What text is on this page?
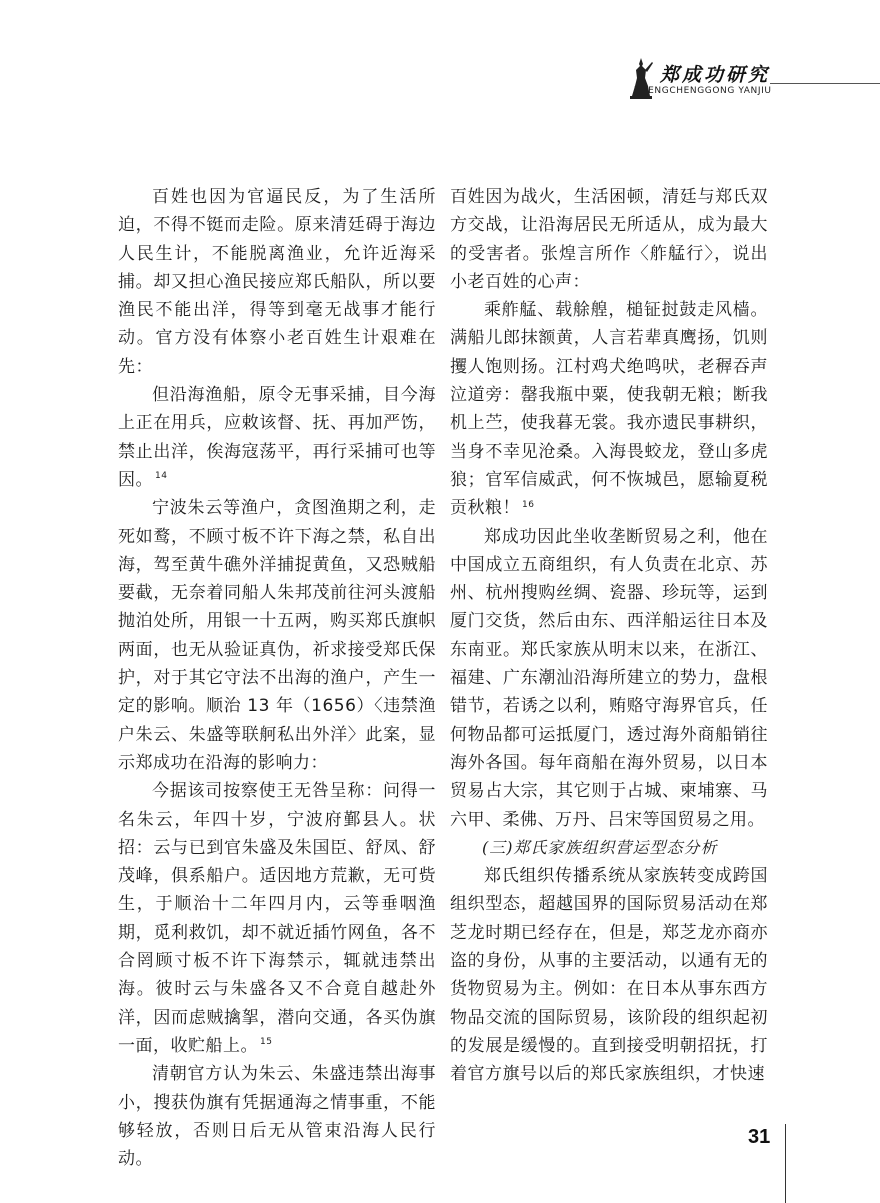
郑成功研究
ZHENGCHENGGONG YANJIU

百姓也因为官逼民反，为了生活所迫，不得不铤而走险。原来清廷碍于海边人民生计，不能脱离渔业，允许近海采捕。却又担心渔民接应郑氏船队，所以要渔民不能出洋，得等到毫无战事才能行动。官方没有体察小老百姓生计艰难在先：

但沿海渔船，原令无事采捕，目今海上正在用兵，应敕该督、抚、再加严饬，禁止出洋，俟海寇荡平，再行采捕可也等因。 $^{14}$

宁波朱云等渔户，贪图渔期之利，走死如鹜，不顾寸板不许下海之禁，私自出海，驾至黄牛礁外洋捕捉黄鱼，又恐贼船要截，无奈着同船人朱邦茂前往河头渡船抛泊处所，用银一十五两，购买郑氏旗帜两面，也无从验证真伪，祈求接受郑氏保护，对于其它守法不出海的渔户，产生一定的影响。顺治 13 年（1656）〈违禁渔户朱云、朱盛等联舸私出外洋〉此案，显示郑成功在沿海的影响力：

今据该司按察使王无咎呈称：问得一名朱云，年四十岁，宁波府鄞县人。状招：云与已到官朱盛及朱国臣、舒凤、舒茂峰，俱系船户。适因地方荒歉，无可赀生，于顺治十二年四月内，云等垂咽渔期，觅利救饥，却不就近插竹网鱼，各不合罔顾寸板不许下海禁示，辄就违禁出海。彼时云与朱盛各又不合竟自越赴外洋，因而虑贼擒挐，潜向交通，各买伪旗一面，收贮船上。 $^{15}$

清朝官方认为朱云、朱盛违禁出海事小，搜获伪旗有凭据通海之情事重，不能够轻放，否则日后无从管束沿海人民行动。

百姓因为战火，生活困顿，清廷与郑氏双方交战，让沿海居民无所适从，成为最大的受害者。张煌言所作〈舴艋行〉，说出小老百姓的心声：

乘舴艋、载艅艎，槌钲挝鼓走风樯。满船儿郎抹额黄，人言若辈真鹰扬，饥则攫人饱则扬。江村鸡犬绝鸣吠，老稺吞声泣道旁：罄我瓶中粟，使我朝无粮；断我机上苎，使我暮无裳。我亦遗民事耕织，当身不幸见沧桑。入海畏蛟龙，登山多虎狼；官军信威武，何不恢城邑，愿输夏税贡秋粮！ $^{16}$

郑成功因此坐收垄断贸易之利，他在中国成立五商组织，有人负责在北京、苏州、杭州搜购丝绸、瓷器、珍玩等，运到厦门交货，然后由东、西洋船运往日本及东南亚。郑氏家族从明末以来，在浙江、福建、广东潮汕沿海所建立的势力，盘根错节，若诱之以利，贿赂守海界官兵，任何物品都可运抵厦门，透过海外商船销往海外各国。每年商船在海外贸易，以日本贸易占大宗，其它则于占城、柬埔寨、马六甲、柔佛、万丹、吕宋等国贸易之用。

(三)郑氏家族组织营运型态分析

郑氏组织传播系统从家族转变成跨国组织型态，超越国界的国际贸易活动在郑芝龙时期已经存在，但是，郑芝龙亦商亦盗的身份，从事的主要活动，以通有无的货物贸易为主。例如：在日本从事东西方物品交流的国际贸易，该阶段的组织起初的发展是缓慢的。直到接受明朝招抚，打着官方旗号以后的郑氏家族组织，才快速

31
